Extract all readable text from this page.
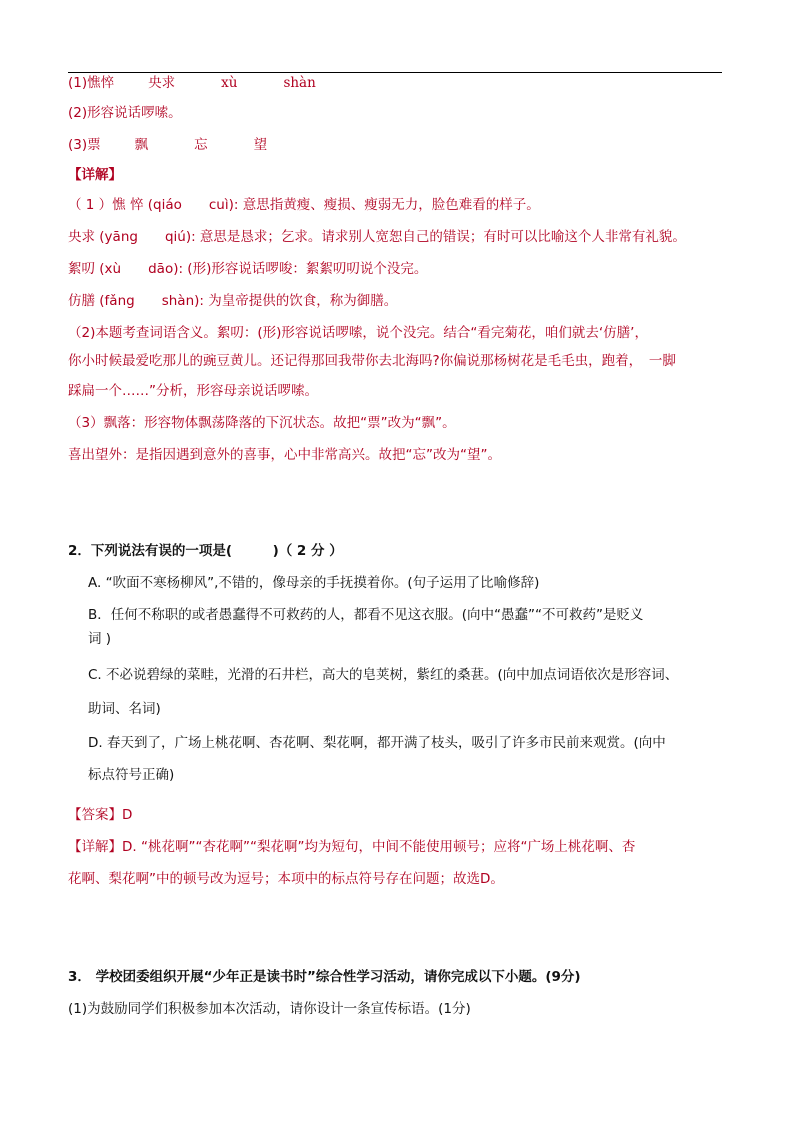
(1)憔悴	央求	xù	shàn
(2)形容说话啰嗦。
(3)票	飘	忘	望
【详解】
（ 1 ）憔 悴 (qiáo　　cuì): 意思指黄瘦、瘦损、瘦弱无力，脸色难看的样子。
央求 (yāng　　qiú): 意思是恳求；乞求。请求别人宽恕自己的错误；有时可以比喻这个人非常有礼貌。
絮叨 (xù　　dāo): (形)形容说话啰唆：絮絮叨叨说个没完。
仿膳 (fǎng　　shàn): 为皇帝提供的饮食，称为御膳。
（2)本题考查词语含义。絮叨：(形)形容说话啰嗦，说个没完。结合“看完菊花，咱们就去‘仿膳’，
你小时候最爱吃那儿的豌豆黄儿。还记得那回我带你去北海吗?你偏说那杨树花是毛毛虫，跑着，　一脚
踩扁一个……”分析，形容母亲说话啰嗦。
（3）飘落：形容物体飘荡降落的下沉状态。故把“票”改为“飘”。
喜出望外：是指因遇到意外的喜事，心中非常高兴。故把“忘”改为“望”。
2．下列说法有误的一项是(　　　)（ 2 分 ）
A. “吹面不寒杨柳风”,不错的，像母亲的手抚摸着你。(句子运用了比喻修辞)
B．任何不称职的或者愚蠢得不可救药的人，都看不见这衣服。(向中“愚蠢”“不可救药”是贬义
词 )
C. 不必说碧绿的菜畦，光滑的石井栏，高大的皂荚树，紫红的桑葚。(向中加点词语依次是形容词、
助词、名词)
D. 春天到了，广场上桃花啊、杏花啊、梨花啊，都开满了枝头，吸引了许多市民前来观赏。(向中
标点符号正确)
【答案】D
【详解】D. “桃花啊”“杏花啊”“梨花啊”均为短句，中间不能使用顿号；应将“广场上桃花啊、杏
花啊、梨花啊”中的顿号改为逗号；本项中的标点符号存在问题；故选D。
3． 学校团委组织开展“少年正是读书时”综合性学习活动，请你完成以下小题。(9分)
(1)为鼓励同学们积极参加本次活动，请你设计一条宣传标语。(1分)
